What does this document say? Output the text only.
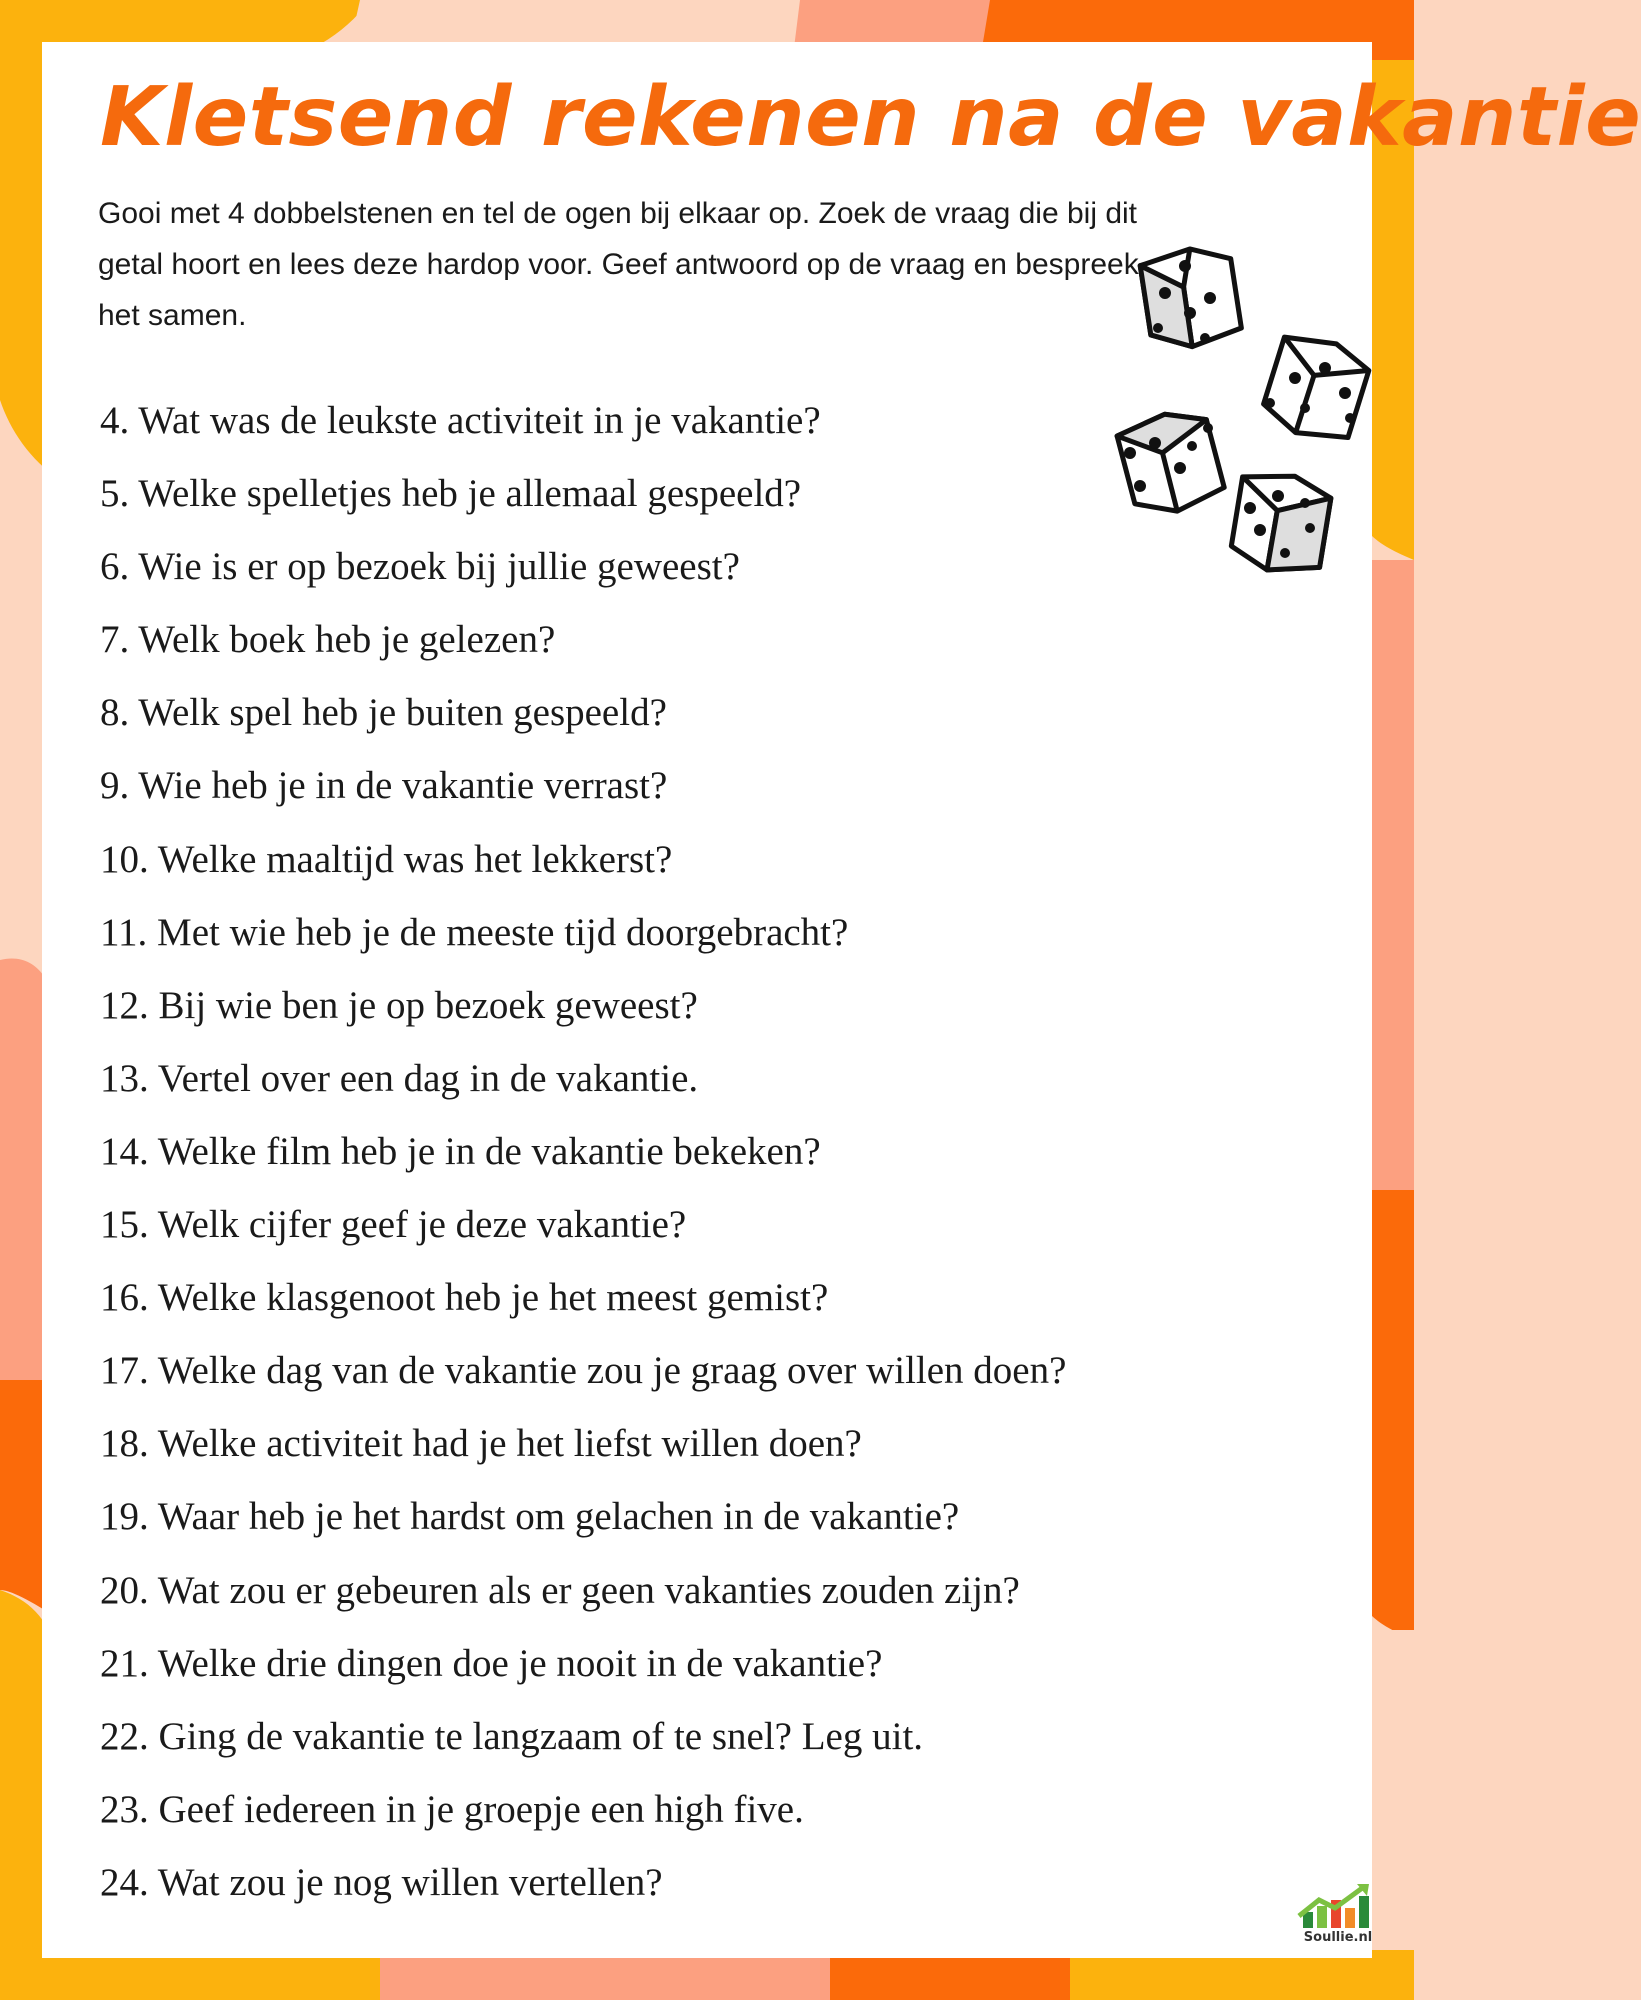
Kletsend rekenen na de vakantie

Gooi met 4 dobbelstenen en tel de ogen bij elkaar op. Zoek de vraag die bij dit getal hoort en lees deze hardop voor. Geef antwoord op de vraag en bespreek het samen.

4. Wat was de leukste activiteit in je vakantie?
5. Welke spelletjes heb je allemaal gespeeld?
6. Wie is er op bezoek bij jullie geweest?
7. Welk boek heb je gelezen?
8. Welk spel heb je buiten gespeeld?
9. Wie heb je in de vakantie verrast?
10. Welke maaltijd was het lekkerst?
11. Met wie heb je de meeste tijd doorgebracht?
12. Bij wie ben je op bezoek geweest?
13. Vertel over een dag in de vakantie.
14. Welke film heb je in de vakantie bekeken?
15. Welk cijfer geef je deze vakantie?
16. Welke klasgenoot heb je het meest gemist?
17. Welke dag van de vakantie zou je graag over willen doen?
18. Welke activiteit had je het liefst willen doen?
19. Waar heb je het hardst om gelachen in de vakantie?
20. Wat zou er gebeuren als er geen vakanties zouden zijn?
21. Welke drie dingen doe je nooit in de vakantie?
22. Ging de vakantie te langzaam of te snel? Leg uit.
23. Geef iedereen in je groepje een high five.
24. Wat zou je nog willen vertellen?
Soullie.nl
